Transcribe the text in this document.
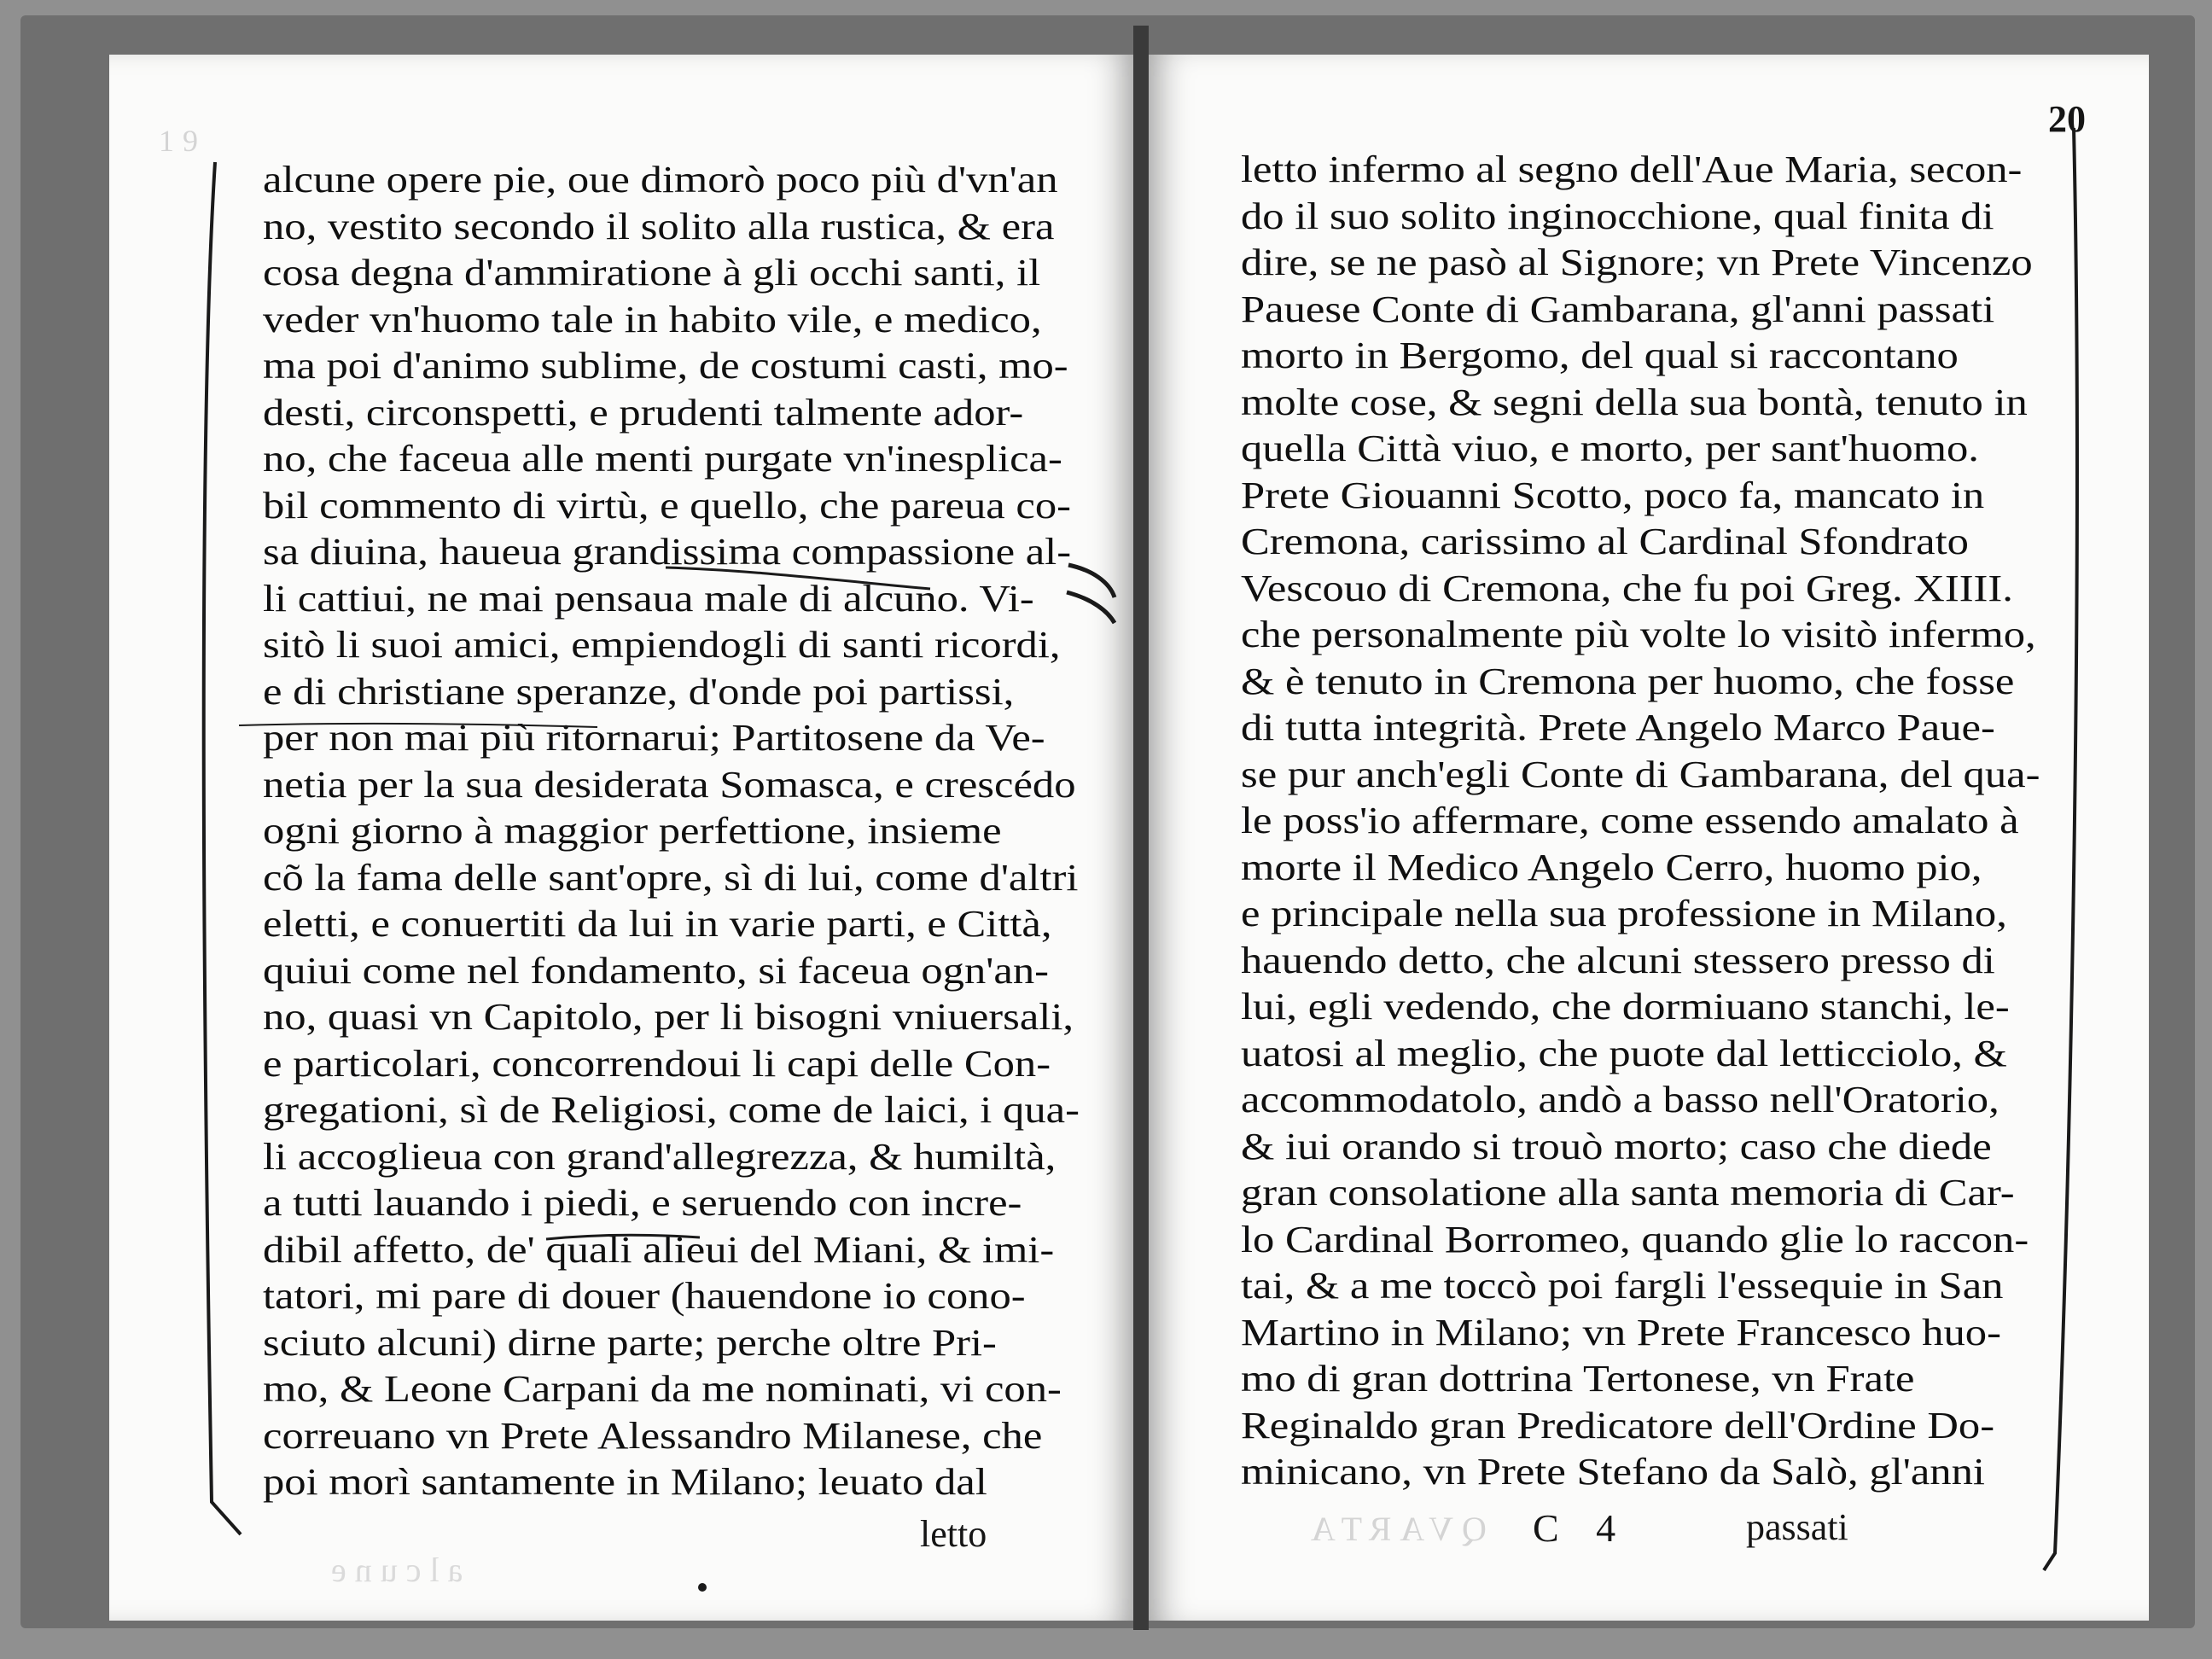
19
alcune opere pie, oue dimorò poco più d'vn'an
no, vestito secondo il solito alla rustica, & era
cosa degna d'ammiratione à gli occhi santi, il
veder vn'huomo tale in habito vile, e medico,
ma poi d'animo sublime, de costumi casti, mo-
desti, circonspetti, e prudenti talmente ador-
no, che faceua alle menti purgate vn'inesplica-
bil commento di virtù, e quello, che pareua co-
sa diuina, haueua grandissima compassione al-
li cattiui, ne mai pensaua male di alcuno. Vi-
sitò li suoi amici, empiendogli di santi ricordi,
e di christiane speranze, d'onde poi partissi,
per non mai più ritornarui; Partitosene da Ve-
netia per la sua desiderata Somasca, e crescédo
ogni giorno à maggior perfettione, insieme
cõ la fama delle sant'opre, sì di lui, come d'altri
eletti, e conuertiti da lui in varie parti, e Città,
quiui come nel fondamento, si faceua ogn'an-
no, quasi vn Capitolo, per li bisogni vniuersali,
e particolari, concorrendoui li capi delle Con-
gregationi, sì de Religiosi, come de laici, i qua-
li accoglieua con grand'allegrezza, & humiltà,
a tutti lauando i piedi, e seruendo con incre-
dibil affetto, de' quali alieui del Miani, & imi-
tatori, mi pare di douer (hauendone io cono-
sciuto alcuni) dirne parte; perche oltre Pri-
mo, & Leone Carpani da me nominati, vi con-
correuano vn Prete Alessandro Milanese, che
poi morì santamente in Milano; leuato dal
alcune
letto
20
letto infermo al segno dell'Aue Maria, secon-
do il suo solito inginocchione, qual finita di
dire, se ne pasò al Signore; vn Prete Vincenzo
Pauese Conte di Gambarana, gl'anni passati
morto in Bergomo, del qual si raccontano
molte cose, & segni della sua bontà, tenuto in
quella Città viuo, e morto, per sant'huomo.
Prete Giouanni Scotto, poco fa, mancato in
Cremona, carissimo al Cardinal Sfondrato
Vescouo di Cremona, che fu poi Greg. XIIII.
che personalmente più volte lo visitò infermo,
& è tenuto in Cremona per huomo, che fosse
di tutta integrità. Prete Angelo Marco Paue-
se pur anch'egli Conte di Gambarana, del qua-
le poss'io affermare, come essendo amalato à
morte il Medico Angelo Cerro, huomo pio,
e principale nella sua professione in Milano,
hauendo detto, che alcuni stessero presso di
lui, egli vedendo, che dormiuano stanchi, le-
uatosi al meglio, che puote dal letticciolo, &
accommodatolo, andò a basso nell'Oratorio,
& iui orando si trouò morto; caso che diede
gran consolatione alla santa memoria di Car-
lo Cardinal Borromeo, quando glie lo raccon-
tai, & a me toccò poi fargli l'essequie in San
Martino in Milano; vn Prete Francesco huo-
mo di gran dottrina Tertonese, vn Frate
Reginaldo gran Predicatore dell'Ordine Do-
minicano, vn Prete Stefano da Salò, gl'anni
QVARTA C 4	passati
